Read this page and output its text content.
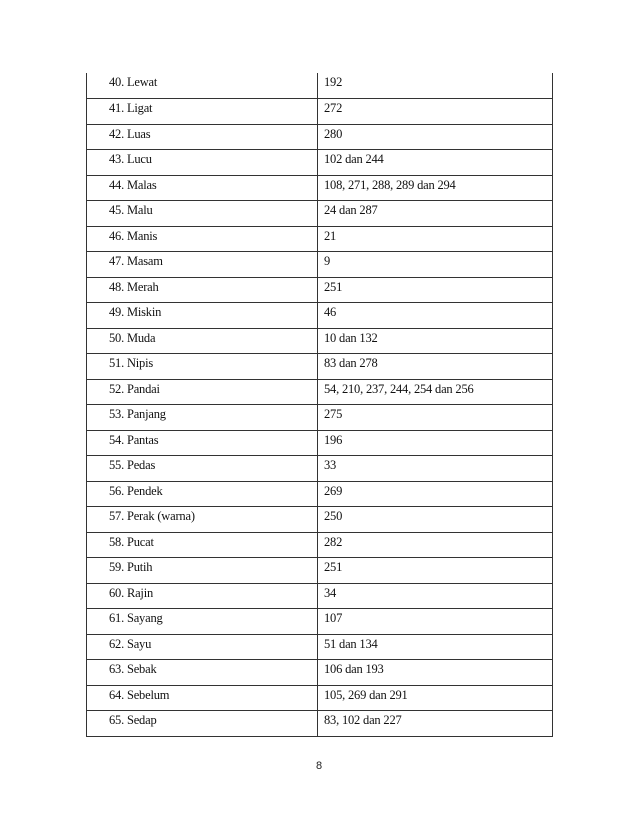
40. Lewat	192
41. Ligat	272
42. Luas	280
43. Lucu	102 dan 244
44. Malas	108, 271, 288, 289 dan 294
45. Malu	24 dan 287
46. Manis	21
47. Masam	9
48. Merah	251
49. Miskin	46
50. Muda	10 dan 132
51. Nipis	83 dan 278
52. Pandai	54, 210, 237, 244, 254 dan 256
53. Panjang	275
54. Pantas	196
55. Pedas	33
56. Pendek	269
57. Perak (warna)	250
58. Pucat	282
59. Putih	251
60. Rajin	34
61. Sayang	107
62. Sayu	51 dan 134
63. Sebak	106 dan 193
64. Sebelum	105, 269 dan 291
65. Sedap	83, 102 dan 227
8
